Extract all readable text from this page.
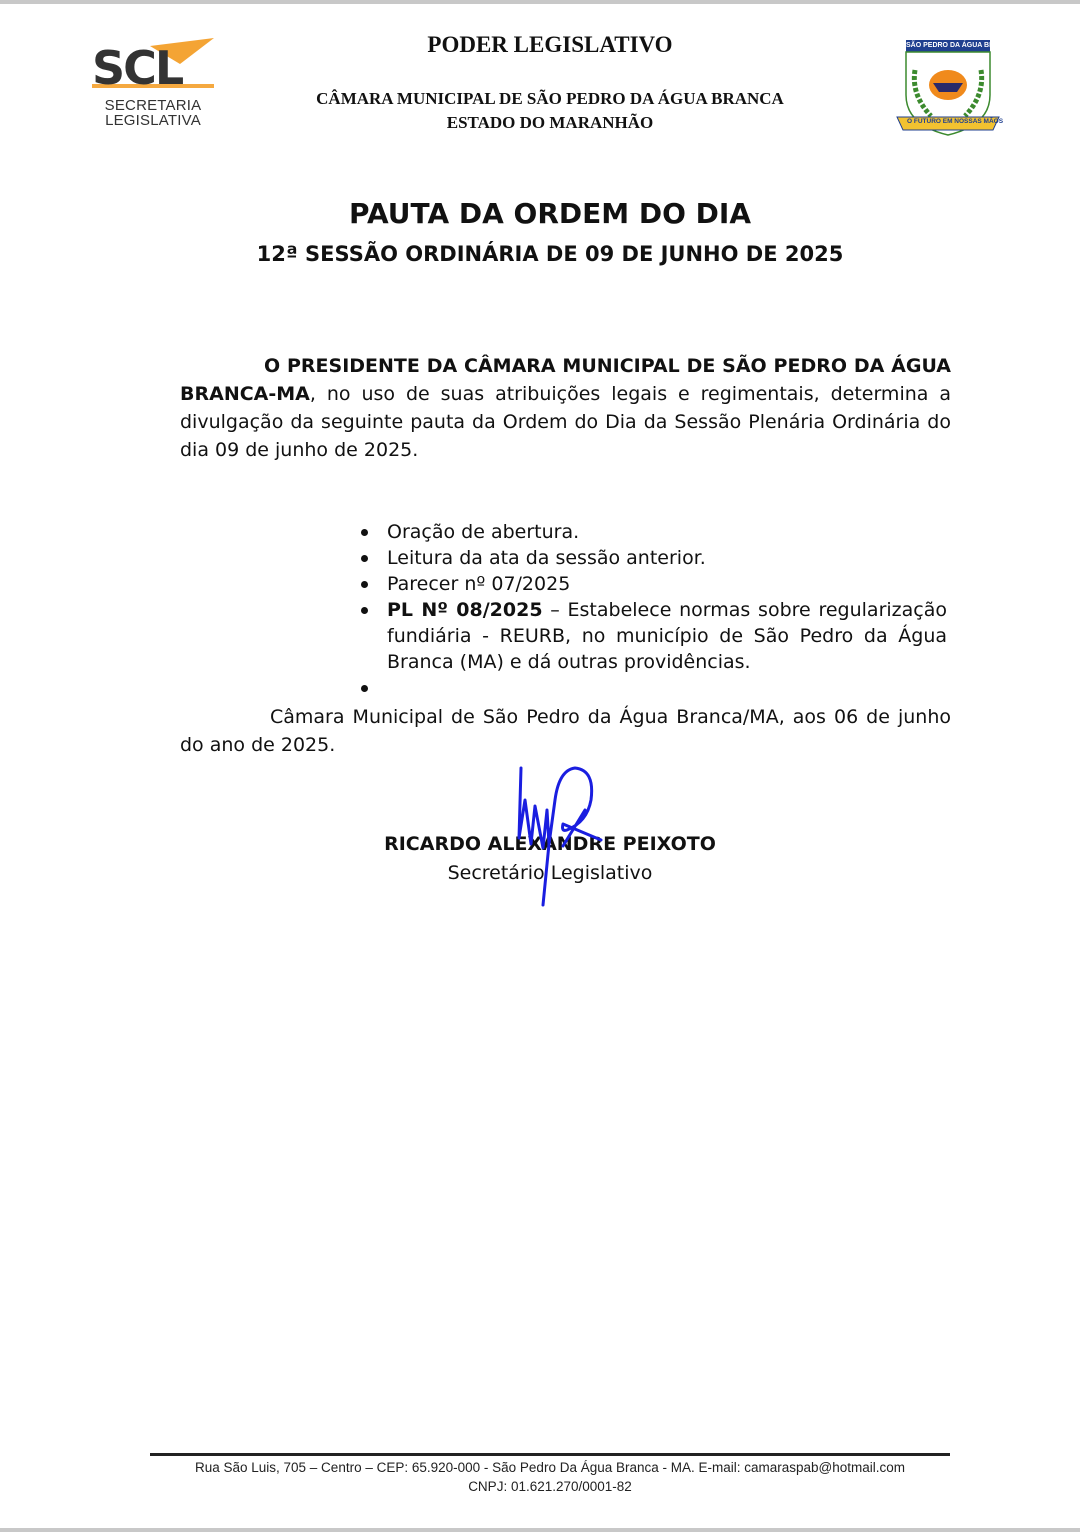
SCL
SECRETARIA
LEGISLATIVA
PODER LEGISLATIVO
CÂMARA MUNICIPAL DE SÃO PEDRO DA ÁGUA BRANCA
ESTADO DO MARANHÃO
SÃO PEDRO DA ÁGUA BRANCA
O FUTURO EM NOSSAS MÃOS
PAUTA DA ORDEM DO DIA
12ª SESSÃO ORDINÁRIA DE 09 DE JUNHO DE 2025
O PRESIDENTE DA CÂMARA MUNICIPAL DE SÃO PEDRO DA ÁGUA BRANCA-MA, no uso de suas atribuições legais e regimentais, determina a divulgação da seguinte pauta da Ordem do Dia da Sessão Plenária Ordinária do dia 09 de junho de 2025.
Oração de abertura.
Leitura da ata da sessão anterior.
Parecer nº 07/2025
PL Nº 08/2025 – Estabelece normas sobre regularização fundiária - REURB, no município de São Pedro da Água Branca (MA) e dá outras providências.
Câmara Municipal de São Pedro da Água Branca/MA, aos 06 de junho do ano de 2025.
RICARDO ALEXANDRE PEIXOTO
Secretário Legislativo
Rua São Luis, 705 – Centro – CEP: 65.920-000 - São Pedro Da Água Branca - MA. E-mail: camaraspab@hotmail.com
CNPJ: 01.621.270/0001-82
